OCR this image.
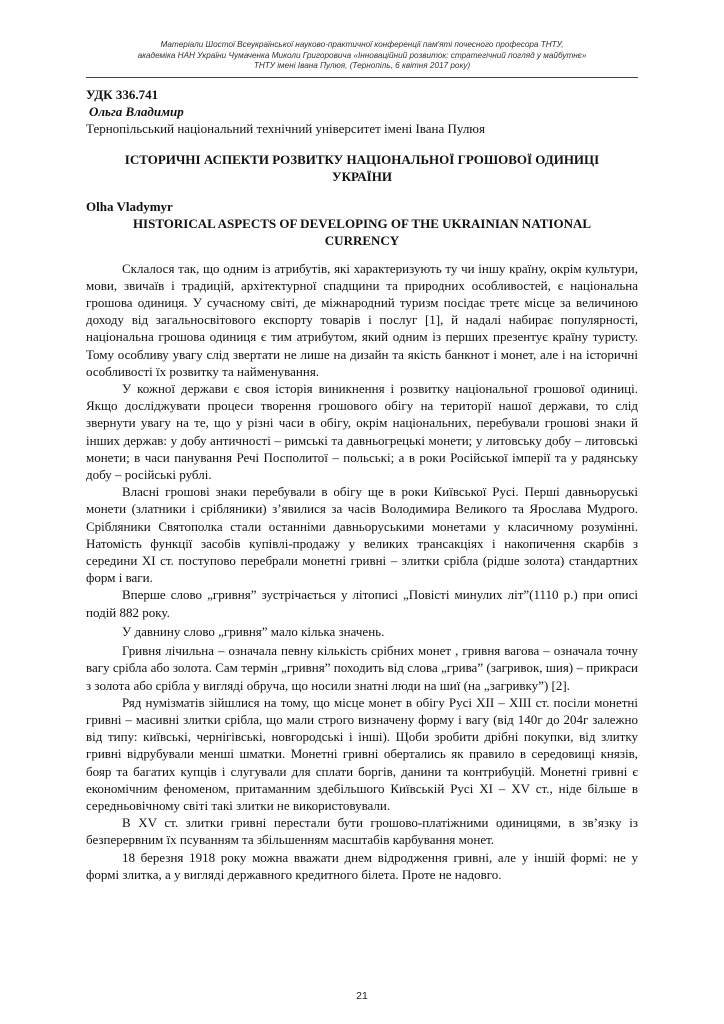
Матеріали Шостої Всеукраїнської науково-практичної конференції пам'яті почесного професора ТНТУ,
академіка НАН України Чумаченка Миколи Григоровича «Інноваційний розвиток: стратегічний погляд у майбутнє»
ТНТУ імені Івана Пулюя, (Тернопіль, 6 квітня 2017 року)

УДК 336.741

Ольга Владимир

Тернопільський національний технічний університет імені Івана Пулюя

ІСТОРИЧНІ АСПЕКТИ РОЗВИТКУ НАЦІОНАЛЬНОЇ ГРОШОВОЇ ОДИНИЦІ УКРАЇНИ

Olha Vladymyr

HISTORICAL ASPECTS OF DEVELOPING OF THE UKRAINIAN NATIONAL CURRENCY

Склалося так, що одним із атрибутів, які характеризують ту чи іншу країну, окрім культури, мови, звичаїв і традицій, архітектурної спадщини та природних особливостей, є національна грошова одиниця. У сучасному світі, де міжнародний туризм посідає третє місце за величиною доходу від загальносвітового експорту товарів і послуг [1], й надалі набирає популярності, національна грошова одиниця є тим атрибутом, який одним із перших презентує країну туристу. Тому особливу увагу слід звертати не лише на дизайн та якість банкнот і монет, але і на історичні особливості їх розвитку та найменування.

У кожної держави є своя історія виникнення і розвитку національної грошової одиниці. Якщо досліджувати процеси творення грошового обігу на території нашої держави, то слід звернути увагу на те, що у різні часи в обігу, окрім національних, перебували грошові знаки й інших держав: у добу античності – римські та давньогрецькі монети; у литовську добу – литовські монети; в часи панування Речі Посполитої – польські; а в роки Російської імперії та у радянську добу – російські рублі.

Власні грошові знаки перебували в обігу ще в роки Київської Русі. Перші давньоруські монети (златники і срібляники) з’явилися за часів Володимира Великого та Ярослава Мудрого. Срібляники Святополка стали останніми давньоруськими монетами у класичному розумінні. Натомість функції засобів купівлі-продажу у великих трансакціях і накопичення скарбів з середини ХІ ст. поступово перебрали монетні гривні – злитки срібла (рідше золота) стандартних форм і ваги.

Вперше слово „гривня” зустрічається у літописі „Повісті минулих літ”(1110 р.) при описі подій 882 року.

У давнину слово „гривня” мало кілька значень.

Гривня лічильна – означала певну кількість срібних монет , гривня вагова – означала точну вагу срібла або золота. Сам термін „гривня” походить від слова „грива” (загривок, шия) – прикраси з золота або срібла у вигляді обруча, що носили знатні люди на шиї (на „загривку”) [2].

Ряд нумізматів зійшлися на тому, що місце монет в обігу Русі ХІІ – ХІІІ ст. посіли монетні гривні – масивні злитки срібла, що мали строго визначену форму і вагу (від 140г до 204г залежно від типу: київські, чернігівські, новгородські і інші). Щоби зробити дрібні покупки, від злитку гривні відрубували менші шматки. Монетні гривні обертались як правило в середовищі князів, бояр та багатих купців і слугували для сплати боргів, данини та контрибуцій. Монетні гривні є економічним феноменом, притаманним здебільшого Київській Русі ХІ – XV ст., ніде більше в середньовічному світі такі злитки не використовували.

В XV ст. злитки гривні перестали бути грошово-платіжними одиницями, в зв’язку із безперервним їх псуванням та збільшенням масштабів карбування монет.

18 березня 1918 року можна вважати днем відродження гривні, але у іншій формі: не у формі злитка, а у вигляді державного кредитного білета. Проте не надовго.

21
